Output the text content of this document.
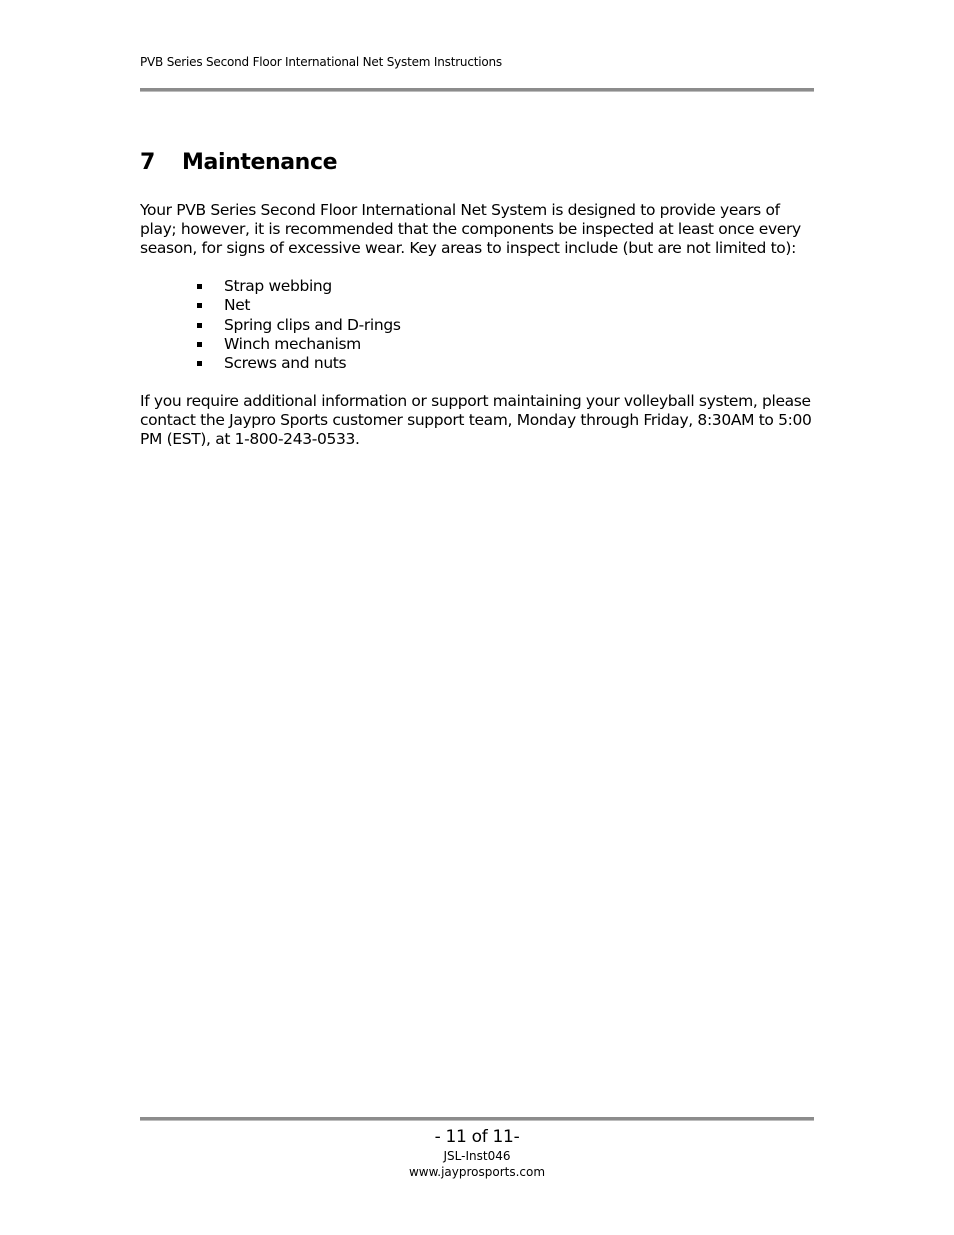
PVB Series Second Floor International Net System Instructions
7 Maintenance

Your PVB Series Second Floor International Net System is designed to provide years of play; however, it is recommended that the components be inspected at least once every season, for signs of excessive wear. Key areas to inspect include (but are not limited to):

Strap webbing
Net
Spring clips and D-rings
Winch mechanism
Screws and nuts

If you require additional information or support maintaining your volleyball system, please contact the Jaypro Sports customer support team, Monday through Friday, 8:30AM to 5:00 PM (EST), at 1-800-243-0533.

- 11 of 11-
JSL-Inst046
www.jayprosports.com
